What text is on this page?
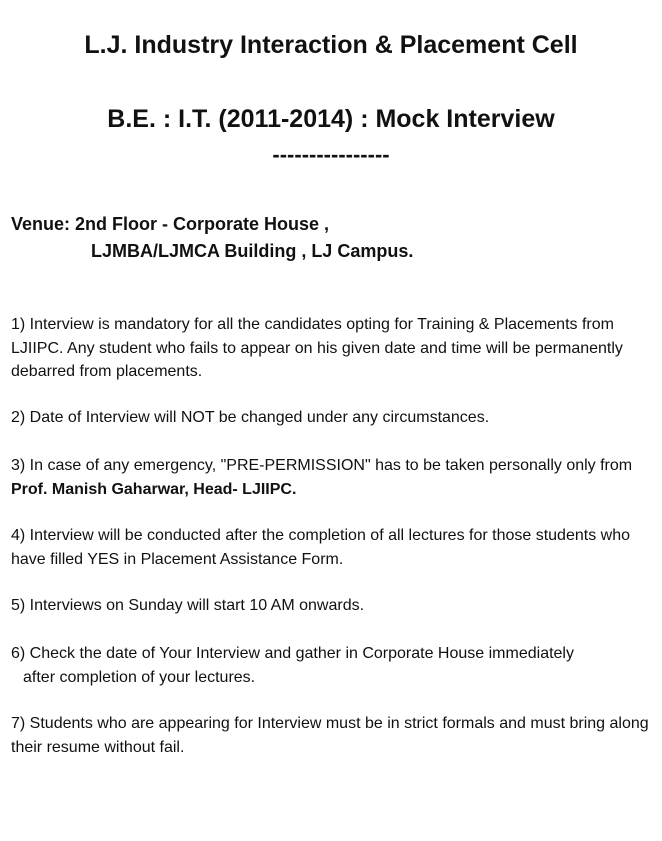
L.J. Industry Interaction & Placement Cell
B.E. : I.T. (2011-2014) : Mock Interview
----------------
Venue: 2nd Floor - Corporate House ,
LJMBA/LJMCA Building , LJ Campus.
1) Interview is mandatory for all the candidates opting for Training & Placements from LJIIPC. Any student who fails to appear on his given date and time will be permanently debarred from placements.
2) Date of Interview will NOT be changed under any circumstances.
3) In case of any emergency, "PRE-PERMISSION" has to be taken personally only from Prof. Manish Gaharwar, Head- LJIIPC.
4) Interview will be conducted after the completion of all lectures for those students who have filled YES in Placement Assistance Form.
5) Interviews on Sunday will start 10 AM onwards.
6) Check the date of Your Interview and gather in Corporate House immediately
after completion of your lectures.
7) Students who are appearing for Interview must be in strict formals and must bring along their resume without fail.
